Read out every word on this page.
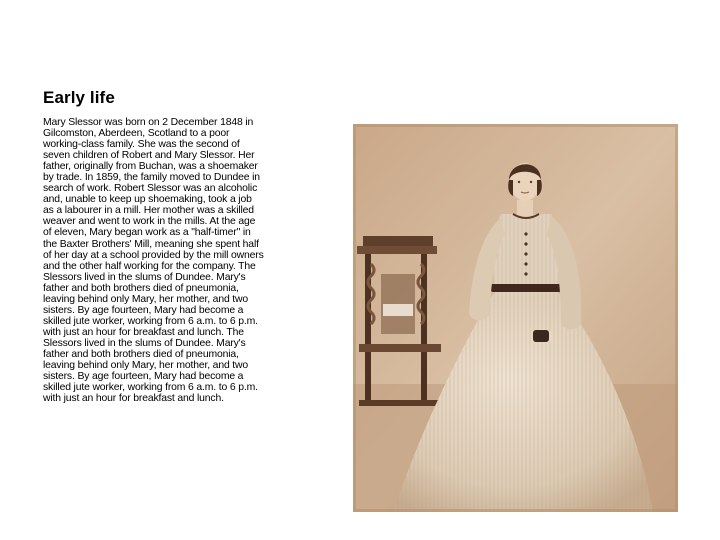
Early life
Mary Slessor was born on 2 December 1848 in Gilcomston, Aberdeen, Scotland to a poor working-class family. She was the second of seven children of Robert and Mary Slessor. Her father, originally from Buchan, was a shoemaker by trade. In 1859, the family moved to Dundee in search of work. Robert Slessor was an alcoholic and, unable to keep up shoemaking, took a job as a labourer in a mill. Her mother was a skilled weaver and went to work in the mills. At the age of eleven, Mary began work as a "half-timer" in the Baxter Brothers' Mill, meaning she spent half of her day at a school provided by the mill owners and the other half working for the company. The Slessors lived in the slums of Dundee. Mary's father and both brothers died of pneumonia, leaving behind only Mary, her mother, and two sisters. By age fourteen, Mary had become a skilled jute worker, working from 6 a.m. to 6 p.m. with just an hour for breakfast and lunch. The Slessors lived in the slums of Dundee. Mary's father and both brothers died of pneumonia, leaving behind only Mary, her mother, and two sisters. By age fourteen, Mary had become a skilled jute worker, working from 6 a.m. to 6 p.m. with just an hour for breakfast and lunch.
